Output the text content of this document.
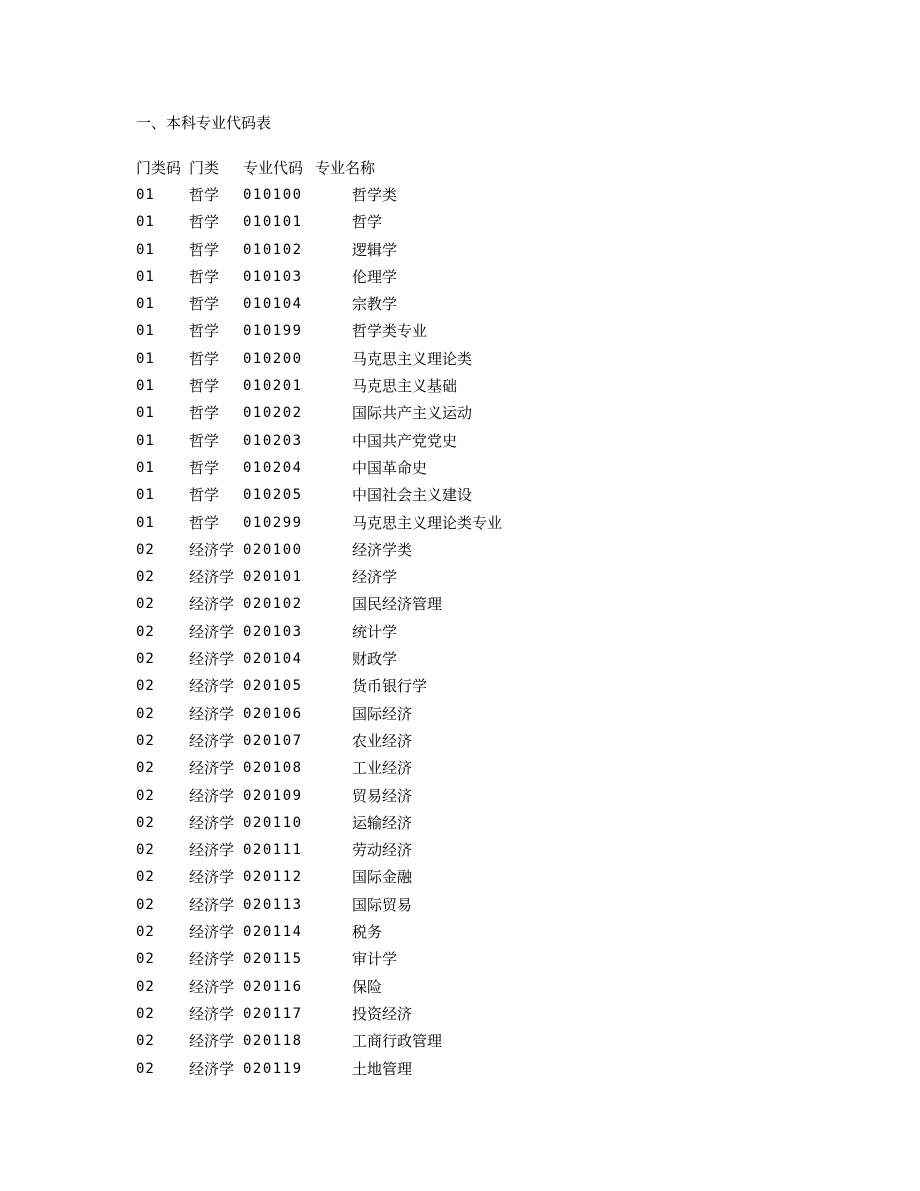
一、本科专业代码表
门类码 门类 专业代码 专业名称
01 哲学 010100	哲学类
01 哲学 010101	哲学
01 哲学 010102	逻辑学
01 哲学 010103	伦理学
01 哲学 010104	宗教学
01 哲学 010199	哲学类专业
01 哲学 010200	马克思主义理论类
01 哲学 010201	马克思主义基础
01 哲学 010202	国际共产主义运动
01 哲学 010203	中国共产党党史
01 哲学 010204	中国革命史
01 哲学 010205	中国社会主义建设
01 哲学 010299	马克思主义理论类专业
02 经济学 020100	经济学类
02 经济学 020101	经济学
02 经济学 020102	国民经济管理
02 经济学 020103	统计学
02 经济学 020104	财政学
02 经济学 020105	货币银行学
02 经济学 020106	国际经济
02 经济学 020107	农业经济
02 经济学 020108	工业经济
02 经济学 020109	贸易经济
02 经济学 020110	运输经济
02 经济学 020111	劳动经济
02 经济学 020112	国际金融
02 经济学 020113	国际贸易
02 经济学 020114	税务
02 经济学 020115	审计学
02 经济学 020116	保险
02 经济学 020117	投资经济
02 经济学 020118	工商行政管理
02 经济学 020119	土地管理
